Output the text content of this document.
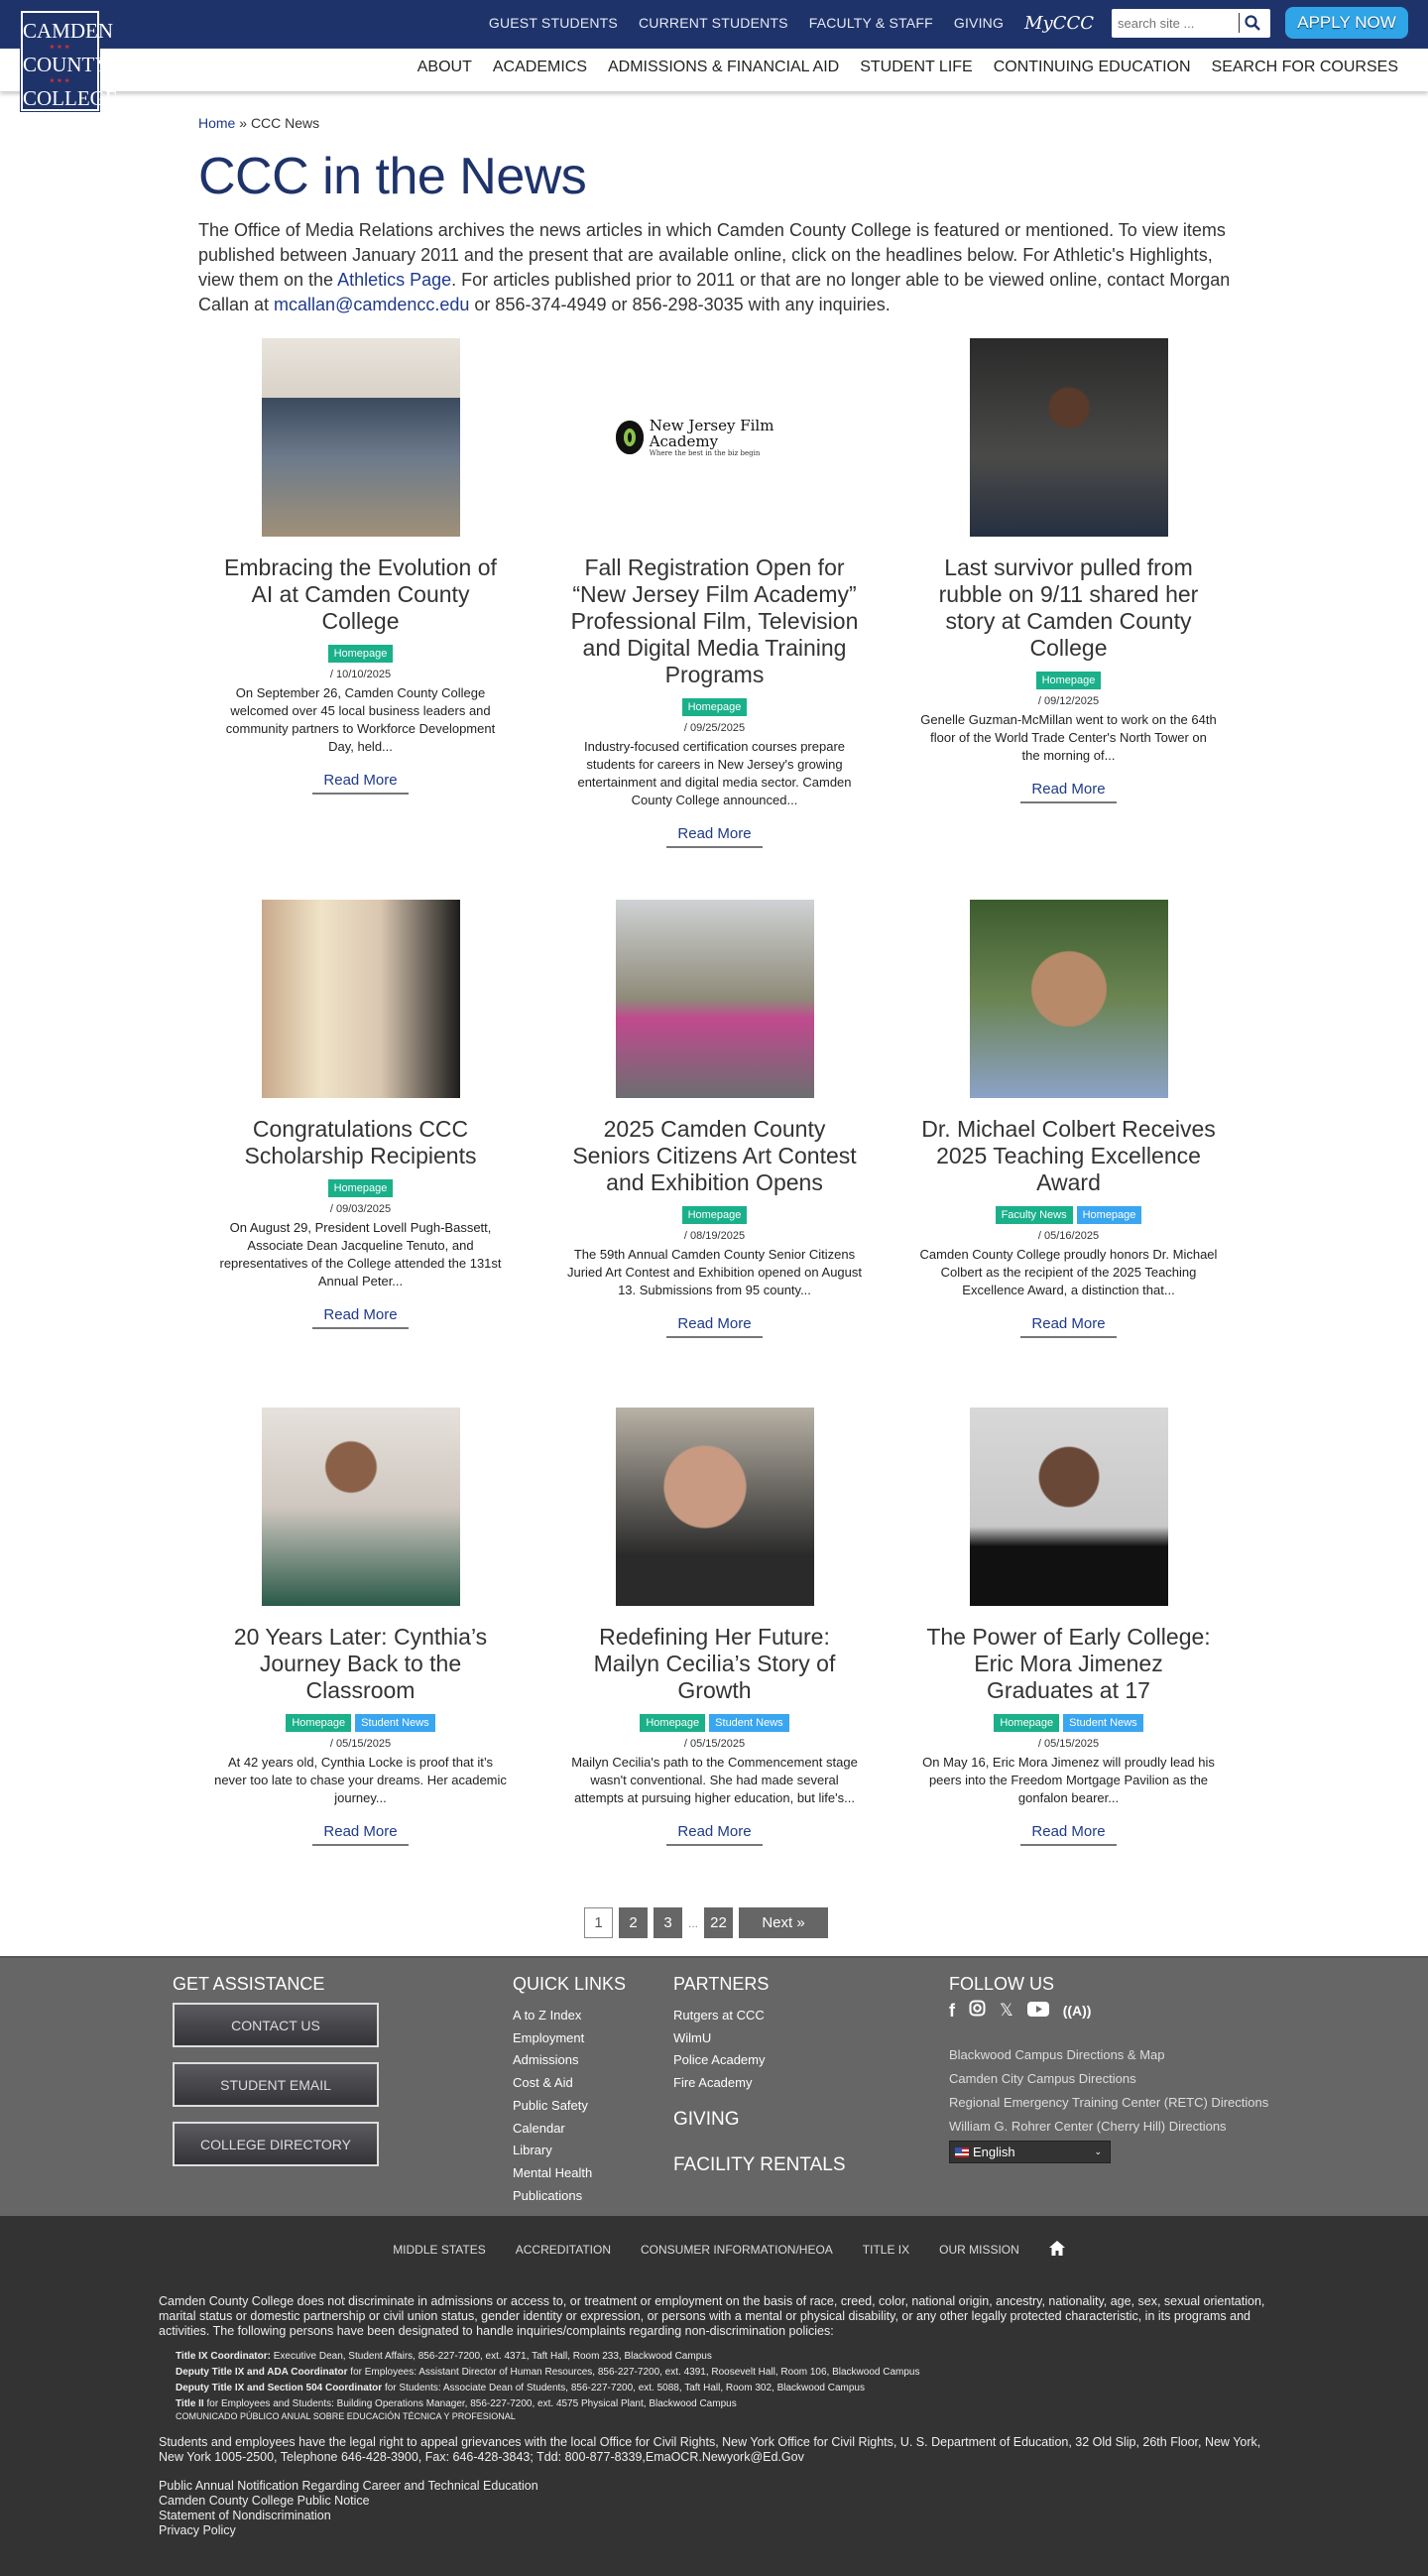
GUEST STUDENTS CURRENT STUDENTS FACULTY & STAFF GIVING MyCCC
search site ...	APPLY NOW
ABOUT ACADEMICS ADMISSIONS & FINANCIAL AID STUDENT LIFE CONTINUING EDUCATION SEARCH FOR COURSES
CAMDEN
✶✶✶
COUNTY
✶✶✶
COLLEGE
Home » CCC News
CCC in the News

The Office of Media Relations archives the news articles in which Camden County College is featured or mentioned. To view items published between January 2011 and the present that are available online, click on the headlines below. For Athletic's Highlights, view them on the Athletics Page. For articles published prior to 2011 or that are no longer able to be viewed online, contact Morgan Callan at mcallan@camdencc.edu or 856-374-4949 or 856-298-3035 with any inquiries.

Embracing the Evolution of AI at Camden County College
Homepage
/ 10/10/2025

On September 26, Camden County College welcomed over 45 local business leaders and community partners to Workforce Development Day, held...

Read More
New Jersey Film Academy
Where the best in the biz begin
Fall Registration Open for “New Jersey Film Academy” Professional Film, Television and Digital Media Training Programs
Homepage
/ 09/25/2025

Industry-focused certification courses prepare students for careers in New Jersey's growing entertainment and digital media sector. Camden County College announced...

Read More
Last survivor pulled from rubble on 9/11 shared her story at Camden County College
Homepage
/ 09/12/2025

Genelle Guzman-McMillan went to work on the 64th floor of the World Trade Center's North Tower on the morning of...

Read More
Congratulations CCC Scholarship Recipients
Homepage
/ 09/03/2025

On August 29, President Lovell Pugh-Bassett, Associate Dean Jacqueline Tenuto, and representatives of the College attended the 131st Annual Peter...

Read More
2025 Camden County Seniors Citizens Art Contest and Exhibition Opens
Homepage
/ 08/19/2025

The 59th Annual Camden County Senior Citizens Juried Art Contest and Exhibition opened on August 13. Submissions from 95 county...

Read More
Dr. Michael Colbert Receives 2025 Teaching Excellence Award
Faculty News	Homepage
/ 05/16/2025

Camden County College proudly honors Dr. Michael Colbert as the recipient of the 2025 Teaching Excellence Award, a distinction that...

Read More
20 Years Later: Cynthia’s Journey Back to the Classroom
Homepage	Student News
/ 05/15/2025

At 42 years old, Cynthia Locke is proof that it’s never too late to chase your dreams. Her academic journey...

Read More
Redefining Her Future: Mailyn Cecilia’s Story of Growth
Homepage	Student News
/ 05/15/2025

Mailyn Cecilia's path to the Commencement stage wasn't conventional. She had made several attempts at pursuing higher education, but life's...

Read More
The Power of Early College: Eric Mora Jimenez Graduates at 17
Homepage	Student News
/ 05/15/2025

On May 16, Eric Mora Jimenez will proudly lead his peers into the Freedom Mortgage Pavilion as the gonfalon bearer...

Read More
1	2	3	... 22	Next »
GET ASSISTANCE
CONTACT US
STUDENT EMAIL
COLLEGE DIRECTORY
QUICK LINKS
A to Z Index
Employment
Admissions
Cost & Aid
Public Safety
Calendar
Library
Mental Health
Publications
PARTNERS
Rutgers at CCC
WilmU
Police Academy
Fire Academy
GIVING
FACILITY RENTALS
FOLLOW US
f	𝕏	((A))
Blackwood Campus Directions & Map
Camden City Campus Directions
Regional Emergency Training Center (RETC) Directions
William G. Rohrer Center (Cherry Hill) Directions
English	⌄
MIDDLE STATES	ACCREDITATION	CONSUMER INFORMATION/HEOA	TITLE IX	OUR MISSION

Camden County College does not discriminate in admissions or access to, or treatment or employment on the basis of race, creed, color, national origin, ancestry, nationality, age, sex, sexual orientation, marital status or domestic partnership or civil union status, gender identity or expression, or persons with a mental or physical disability, or any other legally protected characteristic, in its programs and activities. The following persons have been designated to handle inquiries/complaints regarding non-discrimination policies:

Title IX Coordinator: Executive Dean, Student Affairs, 856-227-7200, ext. 4371, Taft Hall, Room 233, Blackwood Campus
Deputy Title IX and ADA Coordinator for Employees: Assistant Director of Human Resources, 856-227-7200, ext. 4391, Roosevelt Hall, Room 106, Blackwood Campus
Deputy Title IX and Section 504 Coordinator for Students: Associate Dean of Students, 856-227-7200, ext. 5088, Taft Hall, Room 302, Blackwood Campus
Title II for Employees and Students: Building Operations Manager, 856-227-7200, ext. 4575 Physical Plant, Blackwood Campus
COMUNICADO PÚBLICO ANUAL SOBRE EDUCACIÓN TÉCNICA Y PROFESIONAL

Students and employees have the legal right to appeal grievances with the local Office for Civil Rights, New York Office for Civil Rights, U. S. Department of Education, 32 Old Slip, 26th Floor, New York, New York 1005-2500, Telephone 646-428-3900, Fax: 646-428-3843; Tdd: 800-877-8339,EmaOCR.Newyork@Ed.Gov

Public Annual Notification Regarding Career and Technical Education
Camden County College Public Notice
Statement of Nondiscrimination
Privacy Policy
